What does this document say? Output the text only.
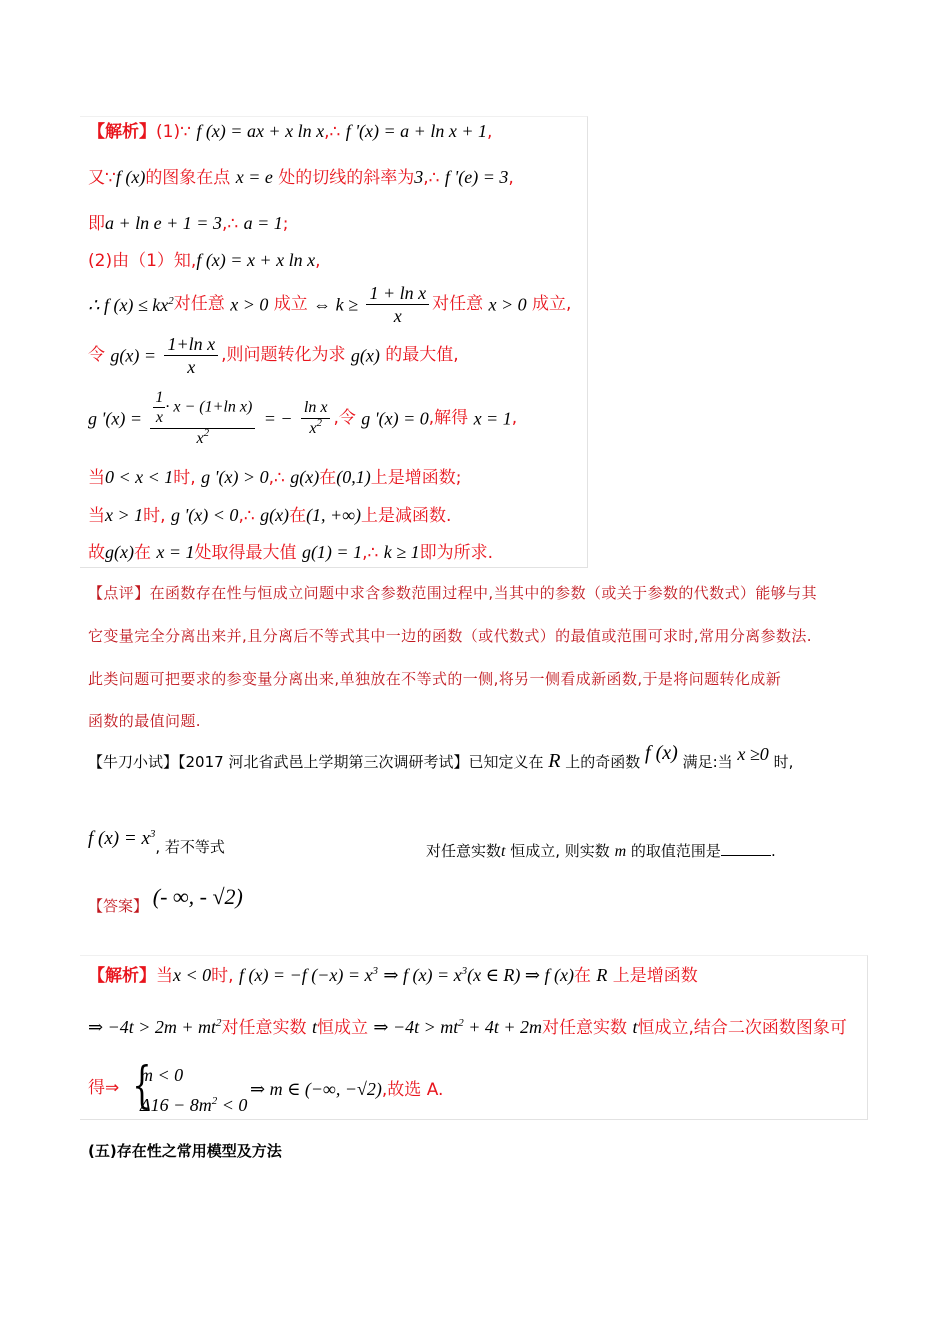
【解析】(1)∵ f (x) = ax + x ln x,∴ f '(x) = a + ln x + 1,
又∵f (x)的图象在点 x = e 处的切线的斜率为3,∴ f '(e) = 3,
即a + ln e + 1 = 3,∴ a = 1;
(2)由（1）知,f (x) = x + x ln x,
∴ f $(x) \le kx^2$对任意 x > 0 成立 ⇔ $k \ge \frac{\text{1 + ln x}}{x}$ 对任意 x > 0 成立,
令 $g(x) = \frac{\text{1+ln x}}{x}$ ,则问题转化为求 g(x) 的最大值,
g '$(x) = \frac{\frac{1}{x} \cdot x - (1+\ln x)}{x^2}$ = − $\frac{\text{ln x}}{x^2}$ ,令 g '(x) = 0,解得 x = 1,
当0 < x < 1时, g '(x) > 0,∴ g(x)在(0,1)上是增函数;
当x > 1时, g '(x) < 0,∴ g(x)在(1, +∞)上是减函数.
故g(x)在 x = 1处取得最大值 g(1) = 1,∴ k ≥ 1即为所求.
【点评】在函数存在性与恒成立问题中求含参数范围过程中,当其中的参数（或关于参数的代数式）能够与其
它变量完全分离出来并,且分离后不等式其中一边的函数（或代数式）的最值或范围可求时,常用分离参数法.
此类问题可把要求的参变量分离出来,单独放在不等式的一侧,将另一侧看成新函数,于是将问题转化成新
函数的最值问题.
【牛刀小试】【2017 河北省武邑上学期第三次调研考试】已知定义在 R 上的奇函数 f (x) 满足:当 x ≥0 时,
f $(x) = x^3$, 若不等式	对任意实数t 恒成立, 则实数 m 的取值范围是	.
【答案】 (- ∞, - √2)
【解析】当x < 0时, f (x) = −f $(-x) = x^3$ ⇒ f $(x) = x^3(x$ ∈ R) ⇒ f (x)在 R 上是增函数
⇒ $-4t > 2m + mt^2$对任意实数 t恒成立 ⇒ $-4t > mt^2 + 4t + 2m$对任意实数 t恒成立,结合二次函数图象可
得⇒ {
m < 0
$\Delta 16 - 8m^2 < 0$
⇒ m ∈ (−∞, −√2),故选 A.
(五)存在性之常用模型及方法
